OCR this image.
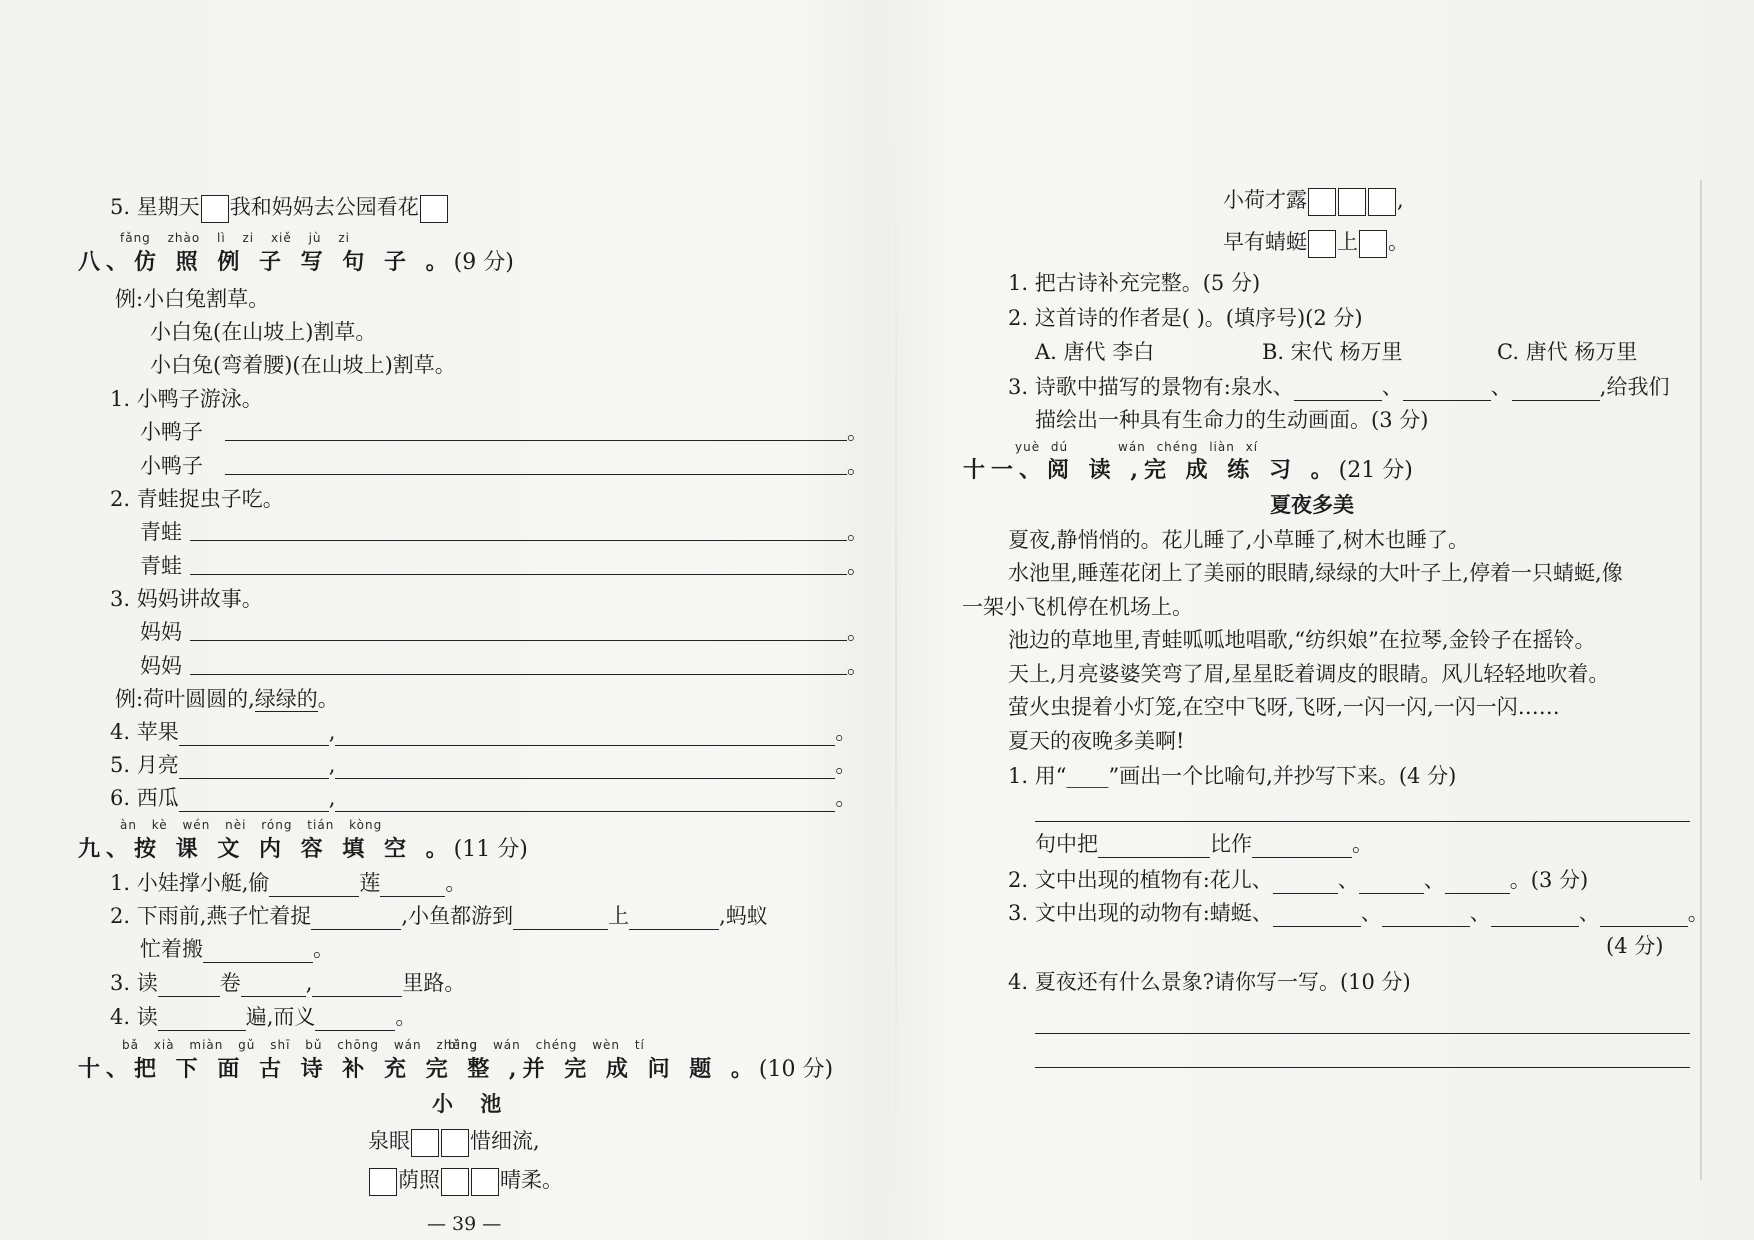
5. 星期天 我和妈妈去公园看花
fǎng zhào lì zi xiě jù zi
八、仿 照 例 子 写 句 子 。(9 分)
例:小白兔割草。
小白兔(在山坡上)割草。
小白兔(弯着腰)(在山坡上)割草。
1. 小鸭子游泳。
小鸭子	。
小鸭子	。
2. 青蛙捉虫子吃。
青蛙	。
青蛙	。
3. 妈妈讲故事。
妈妈	。
妈妈	。
例:荷叶圆圆的,绿绿的。
4. 苹果	,	。
5. 月亮	,	。
6. 西瓜	,	。
àn kè wén nèi róng tián kòng
九、按 课 文 内 容 填 空 。(11 分)
1. 小娃撑小艇,偷	莲	。
2. 下雨前,燕子忙着捉	,小鱼都游到	上	,蚂蚁
忙着搬	。
3. 读	卷	,	里路。
4. 读	遍,而义	。
bǎ xià miàn gǔ shī bǔ chōng wán zhěng
bìng wán chéng wèn tí
十、把 下 面 古 诗 补 充 完 整 ,并 完 成 问 题 。(10 分)
小 池
泉眼	惜细流,
荫照	晴柔。
— 39 —
小荷才露	,
早有蜻蜓 上 。
1. 把古诗补充完整。(5 分)
2. 这首诗的作者是( )。(填序号)(2 分)
A. 唐代 李白	B. 宋代 杨万里	C. 唐代 杨万里
3. 诗歌中描写的景物有:泉水、	、	、	,给我们
描绘出一种具有生命力的生动画面。(3 分)
yuè dú	wán chéng liàn xí
十一、阅 读 ,完 成 练 习 。(21 分)
夏夜多美
夏夜,静悄悄的。花儿睡了,小草睡了,树木也睡了。
水池里,睡莲花闭上了美丽的眼睛,绿绿的大叶子上,停着一只蜻蜓,像
一架小飞机停在机场上。
池边的草地里,青蛙呱呱地唱歌,“纺织娘”在拉琴,金铃子在摇铃。
天上,月亮婆婆笑弯了眉,星星眨着调皮的眼睛。风儿轻轻地吹着。
萤火虫提着小灯笼,在空中飞呀,飞呀,一闪一闪,一闪一闪……
夏天的夜晚多美啊!
1. 用“____”画出一个比喻句,并抄写下来。(4 分)
句中把	比作	。
2. 文中出现的植物有:花儿、	、	、	。(3 分)
3. 文中出现的动物有:蜻蜓、	、	、	、	。
(4 分)
4. 夏夜还有什么景象?请你写一写。(10 分)
